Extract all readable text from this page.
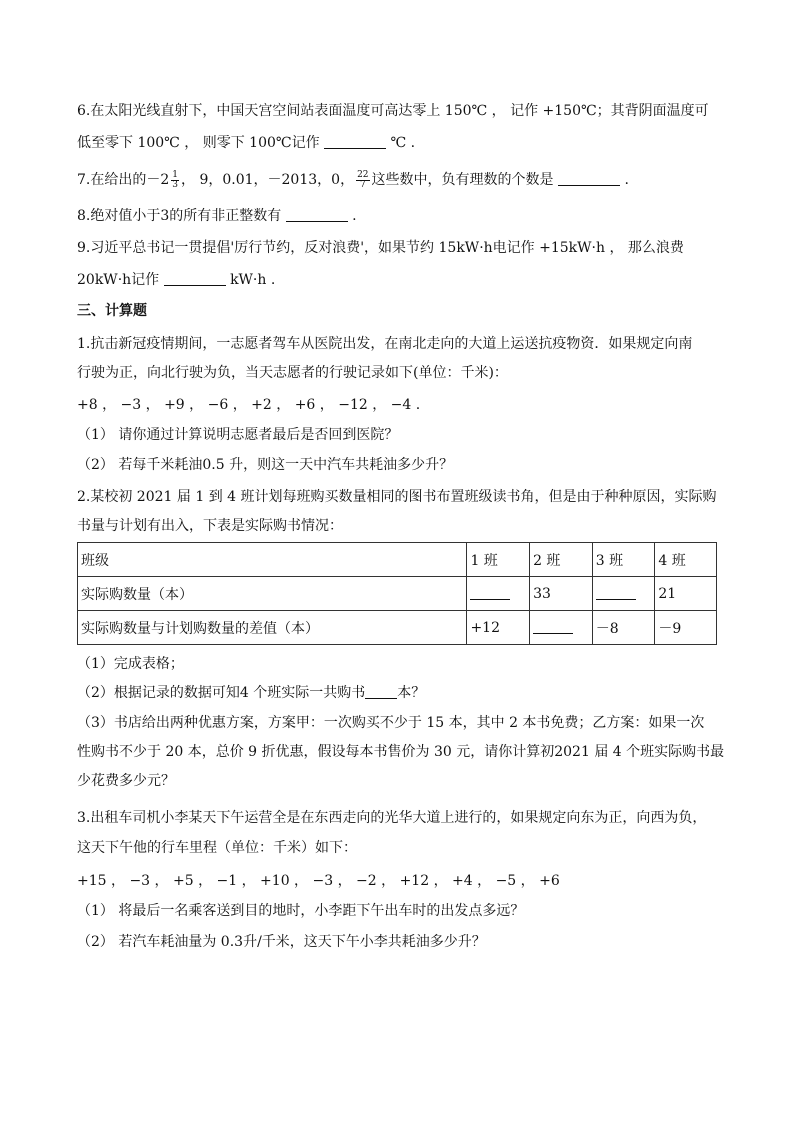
6.在太阳光线直射下，中国天宫空间站表面温度可高达零上 150℃ ， 记作 +150℃；其背阴面温度可
低至零下 100℃ ， 则零下 100℃记作	℃ .
7.在给出的$-2 \frac{1}{3}$ ， 9，0.01，－2013，0， $\frac{22}{7}$ 这些数中，负有理数的个数是	.
8.绝对值小于3的所有非正整数有	.
9.习近平总书记一贯提倡'厉行节约，反对浪费'，如果节约 15kW·h电记作 +15kW·h ， 那么浪费
20kW·h记作	kW·h .
三、计算题
1.抗击新冠疫情期间，一志愿者驾车从医院出发，在南北走向的大道上运送抗疫物资．如果规定向南
行驶为正，向北行驶为负，当天志愿者的行驶记录如下(单位：千米)：
+8 ， −3 ， +9 ， −6 ， +2 ， +6 ， −12 ， −4 .
（1） 请你通过计算说明志愿者最后是否回到医院？
（2） 若每千米耗油0.5 升，则这一天中汽车共耗油多少升？
2.某校初 2021 届 1 到 4 班计划每班购买数量相同的图书布置班级读书角，但是由于种种原因，实际购
书量与计划有出入，下表是实际购书情况：
班级	1 班	2 班	3 班	4 班
实际购数量（本）		33		21
实际购数量与计划购数量的差值（本）	+12		－8	－9
（1）完成表格；
（2）根据记录的数据可知4 个班实际一共购书 本？
（3）书店给出两种优惠方案，方案甲：一次购买不少于 15 本，其中 2 本书免费；乙方案：如果一次
性购书不少于 20 本，总价 9 折优惠，假设每本书售价为 30 元，请你计算初2021 届 4 个班实际购书最
少花费多少元？
3.出租车司机小李某天下午运营全是在东西走向的光华大道上进行的，如果规定向东为正，向西为负，
这天下午他的行车里程（单位：千米）如下：
+15 ， −3 ， +5 ， −1 ， +10 ， −3 ， −2 ， +12 ， +4 ， −5 ， +6
（1） 将最后一名乘客送到目的地时，小李距下午出车时的出发点多远？
（2） 若汽车耗油量为 0.3升/千米，这天下午小李共耗油多少升？
